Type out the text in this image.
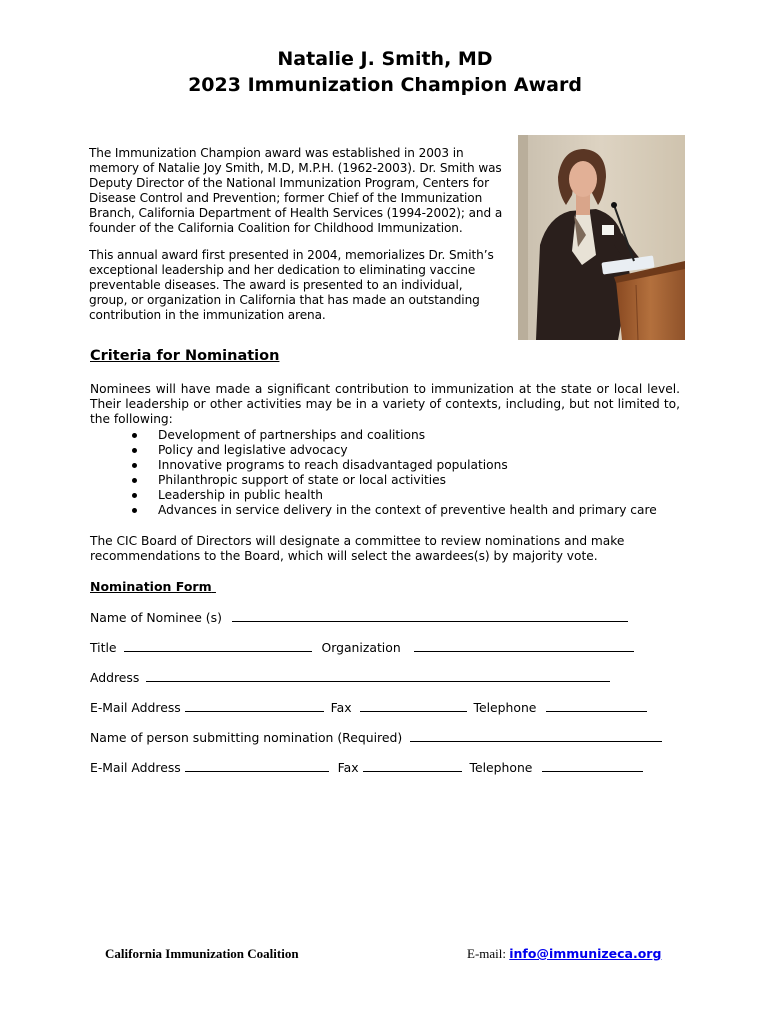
Natalie J. Smith, MD
2023 Immunization Champion Award

The Immunization Champion award was established in 2003 in memory of Natalie Joy Smith, M.D, M.P.H. (1962-2003). Dr. Smith was Deputy Director of the National Immunization Program, Centers for Disease Control and Prevention; former Chief of the Immunization Branch, California Department of Health Services (1994-2002); and a founder of the California Coalition for Childhood Immunization.

This annual award first presented in 2004, memorializes Dr. Smith’s exceptional leadership and her dedication to eliminating vaccine preventable diseases. The award is presented to an individual, group, or organization in California that has made an outstanding contribution in the immunization arena.

Criteria for Nomination
Nominees will have made a significant contribution to immunization at the state or local level. Their leadership or other activities may be in a variety of contexts, including, but not limited to, the following:
Development of partnerships and coalitions
Policy and legislative advocacy
Innovative programs to reach disadvantaged populations
Philanthropic support of state or local activities
Leadership in public health
Advances in service delivery in the context of preventive health and primary care
The CIC Board of Directors will designate a committee to review nominations and make recommendations to the Board, which will select the awardees(s) by majority vote.
Nomination Form
Name of Nominee (s)
Title	Organization
Address
E-Mail Address	Fax	Telephone
Name of person submitting nomination (Required)
E-Mail Address	Fax	Telephone
California Immunization Coalition	E-mail: info@immunizeca.org
